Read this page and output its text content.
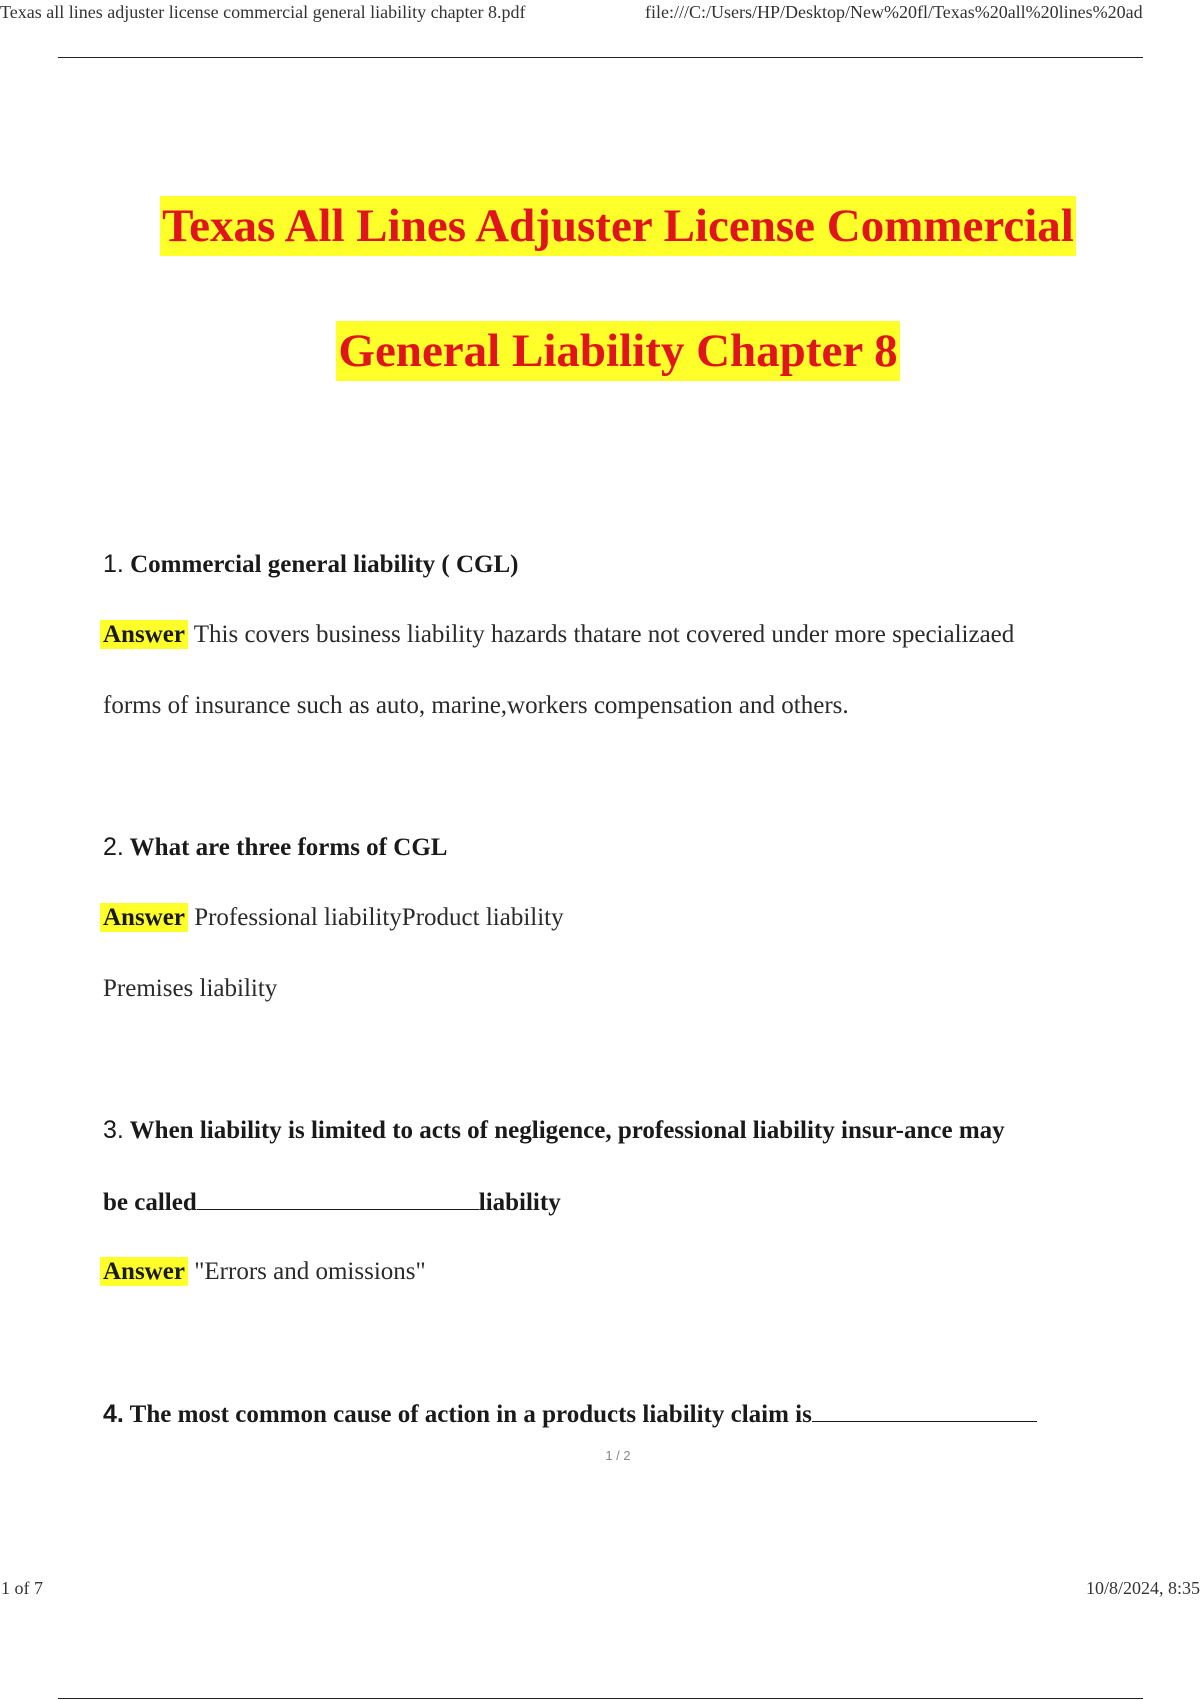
Texas all lines adjuster license commercial general liability chapter 8.pdf	file:///C:/Users/HP/Desktop/New%20fl/Texas%20all%20lines%20ad
Texas All Lines Adjuster License Commercial
General Liability Chapter 8
1. Commercial general liability ( CGL)
Answer This covers business liability hazards thatare not covered under more specializaed
forms of insurance such as auto, marine,workers compensation and others.
2. What are three forms of CGL
Answer Professional liabilityProduct liability
Premises liability
3. When liability is limited to acts of negligence, professional liability insur-ance may
be called	liability
Answer "Errors and omissions"
4. The most common cause of action in a products liability claim is
1 / 2
1 of 7	10/8/2024, 8:35
